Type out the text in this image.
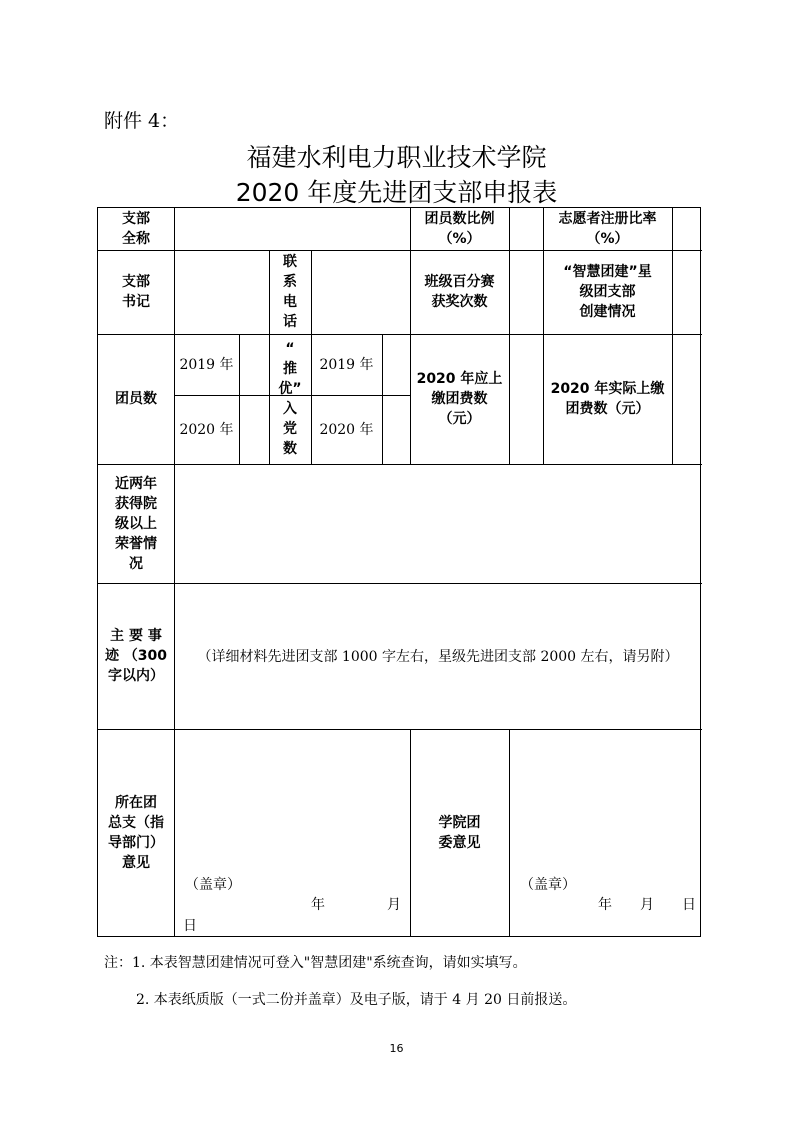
附件 4：
福建水利电力职业技术学院
2020 年度先进团支部申报表
支部
全称
团员数比例
（%）
志愿者注册比率
（%）
支部
书记
联
系
电
话
班级百分赛
获奖次数
“智慧团建”星
级团支部
创建情况
团员数
2019 年
2020 年
“
推
优”
入
党
数
2019 年
2020 年
2020 年应上
缴团费数
（元）
2020 年实际上缴
团费数（元）
近两年
获得院
级以上
荣誉情
况
主 要 事
迹 （300
字以内）
（详细材料先进团支部 1000 字左右，星级先进团支部 2000 左右，请另附）
所在团
总支（指
导部门）
意见
（盖章）
年	月
日
学院团
委意见
（盖章）
年　　月　　日
注：1. 本表智慧团建情况可登入"智慧团建"系统查询，请如实填写。
2. 本表纸质版（一式二份并盖章）及电子版，请于 4 月 20 日前报送。
16
